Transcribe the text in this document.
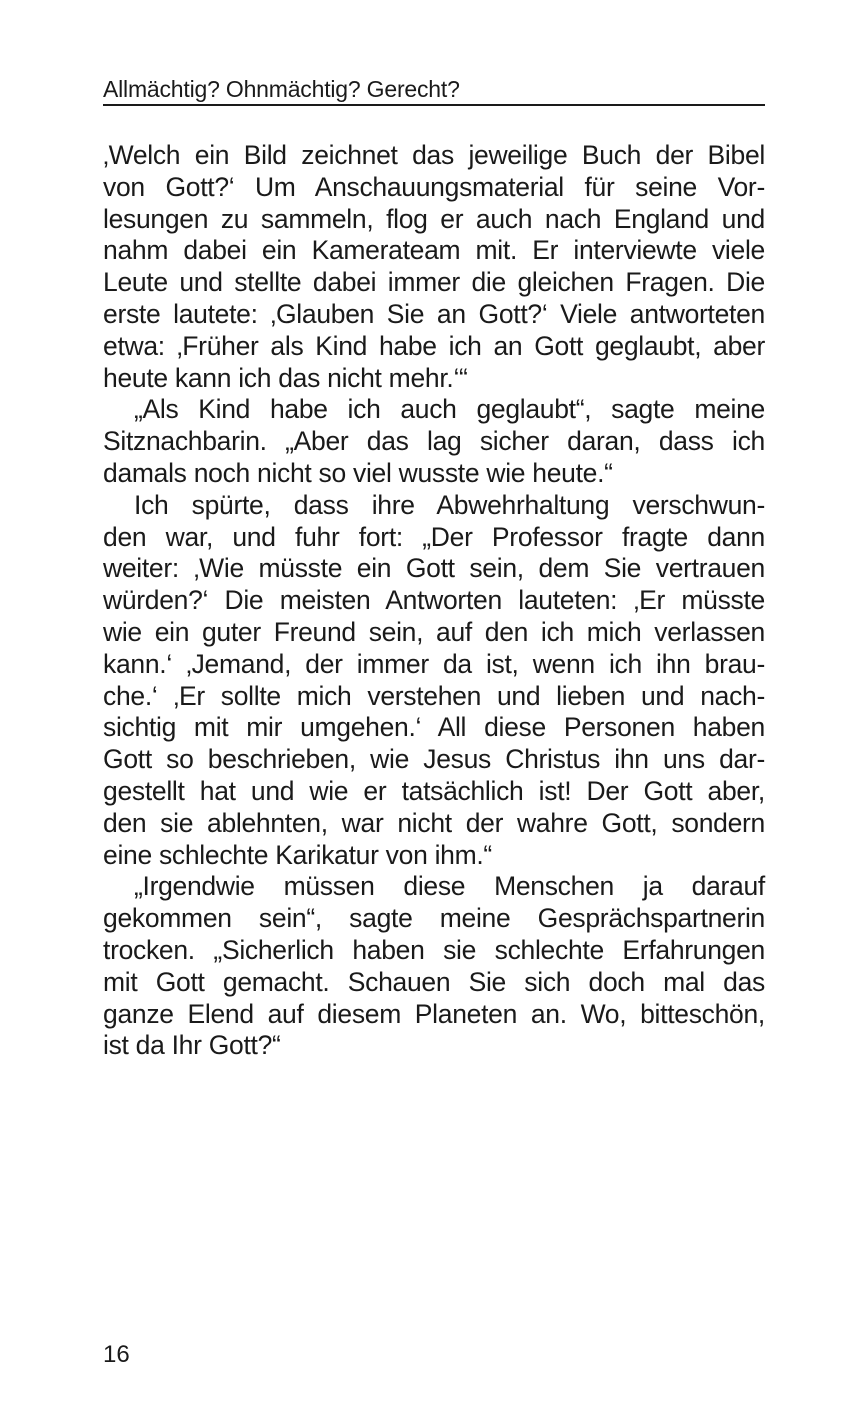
Allmächtig? Ohnmächtig? Gerecht?
‚Welch ein Bild zeichnet das jeweilige Buch der Bibel
von Gott?‘ Um Anschauungsmaterial für seine Vor-
lesungen zu sammeln, flog er auch nach England und
nahm dabei ein Kamerateam mit. Er interviewte viele
Leute und stellte dabei immer die gleichen Fragen. Die
erste lautete: ‚Glauben Sie an Gott?‘ Viele antworteten
etwa: ‚Früher als Kind habe ich an Gott geglaubt, aber
heute kann ich das nicht mehr.‘“
„Als Kind habe ich auch geglaubt“, sagte meine
Sitznachbarin. „Aber das lag sicher daran, dass ich
damals noch nicht so viel wusste wie heute.“
Ich spürte, dass ihre Abwehrhaltung verschwun-
den war, und fuhr fort: „Der Professor fragte dann
weiter: ‚Wie müsste ein Gott sein, dem Sie vertrauen
würden?‘ Die meisten Antworten lauteten: ‚Er müsste
wie ein guter Freund sein, auf den ich mich verlassen
kann.‘ ‚Jemand, der immer da ist, wenn ich ihn brau-
che.‘ ‚Er sollte mich verstehen und lieben und nach-
sichtig mit mir umgehen.‘ All diese Personen haben
Gott so beschrieben, wie Jesus Christus ihn uns dar-
gestellt hat und wie er tatsächlich ist! Der Gott aber,
den sie ablehnten, war nicht der wahre Gott, sondern
eine schlechte Karikatur von ihm.“
„Irgendwie müssen diese Menschen ja darauf
gekommen sein“, sagte meine Gesprächspartnerin
trocken. „Sicherlich haben sie schlechte Erfahrungen
mit Gott gemacht. Schauen Sie sich doch mal das
ganze Elend auf diesem Planeten an. Wo, bitteschön,
ist da Ihr Gott?“
16
